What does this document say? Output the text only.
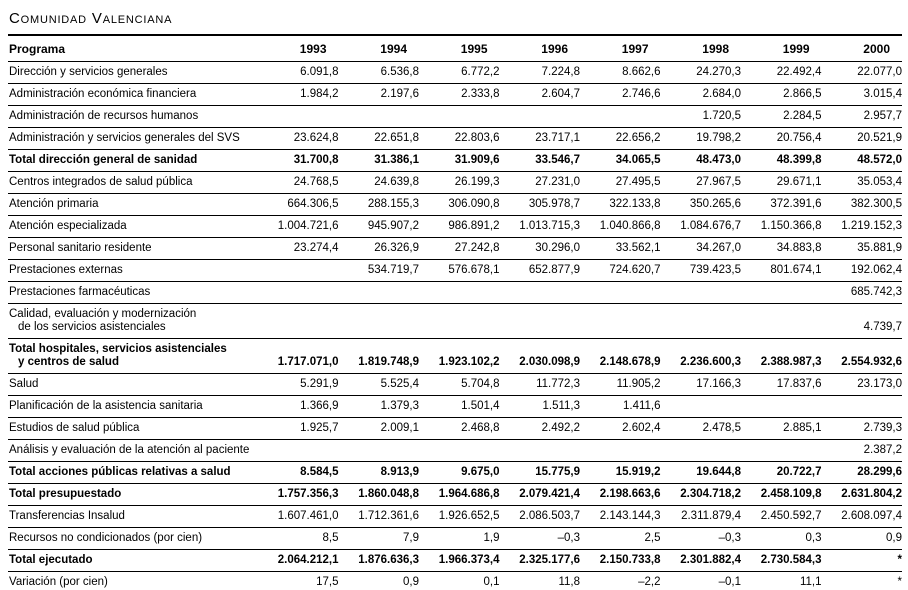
Comunidad Valenciana
Programa	1993	1994	1995	1996	1997	1998	1999	2000

Dirección y servicios generales	6.091,8	6.536,8	6.772,2	7.224,8	8.662,6	24.270,3	22.492,4	22.077,0

Administración económica financiera	1.984,2	2.197,6	2.333,8	2.604,7	2.746,6	2.684,0	2.866,5	3.015,4

Administración de recursos humanos						1.720,5	2.284,5	2.957,7

Administración y servicios generales del SVS	23.624,8	22.651,8	22.803,6	23.717,1	22.656,2	19.798,2	20.756,4	20.521,9

Total dirección general de sanidad	31.700,8	31.386,1	31.909,6	33.546,7	34.065,5	48.473,0	48.399,8	48.572,0

Centros integrados de salud pública	24.768,5	24.639,8	26.199,3	27.231,0	27.495,5	27.967,5	29.671,1	35.053,4

Atención primaria	664.306,5	288.155,3	306.090,8	305.978,7	322.133,8	350.265,6	372.391,6	382.300,5

Atención especializada	1.004.721,6	945.907,2	986.891,2	1.013.715,3	1.040.866,8	1.084.676,7	1.150.366,8	1.219.152,3

Personal sanitario residente	23.274,4	26.326,9	27.242,8	30.296,0	33.562,1	34.267,0	34.883,8	35.881,9

Prestaciones externas		534.719,7	576.678,1	652.877,9	724.620,7	739.423,5	801.674,1	192.062,4

Prestaciones farmacéuticas								685.742,3

Calidad, evaluación y modernización
de los servicios asistenciales								4.739,7

Total hospitales, servicios asistenciales
y centros de salud	1.717.071,0	1.819.748,9	1.923.102,2	2.030.098,9	2.148.678,9	2.236.600,3	2.388.987,3	2.554.932,6

Salud	5.291,9	5.525,4	5.704,8	11.772,3	11.905,2	17.166,3	17.837,6	23.173,0

Planificación de la asistencia sanitaria	1.366,9	1.379,3	1.501,4	1.511,3	1.411,6			

Estudios de salud pública	1.925,7	2.009,1	2.468,8	2.492,2	2.602,4	2.478,5	2.885,1	2.739,3

Análisis y evaluación de la atención al paciente								2.387,2

Total acciones públicas relativas a salud	8.584,5	8.913,9	9.675,0	15.775,9	15.919,2	19.644,8	20.722,7	28.299,6

Total presupuestado	1.757.356,3	1.860.048,8	1.964.686,8	2.079.421,4	2.198.663,6	2.304.718,2	2.458.109,8	2.631.804,2

Transferencias Insalud	1.607.461,0	1.712.361,6	1.926.652,5	2.086.503,7	2.143.144,3	2.311.879,4	2.450.592,7	2.608.097,4

Recursos no condicionados (por cien)	8,5	7,9	1,9	–0,3	2,5	–0,3	0,3	0,9

Total ejecutado	2.064.212,1	1.876.636,3	1.966.373,4	2.325.177,6	2.150.733,8	2.301.882,4	2.730.584,3	*

Variación (por cien)	17,5	0,9	0,1	11,8	–2,2	–0,1	11,1	*
